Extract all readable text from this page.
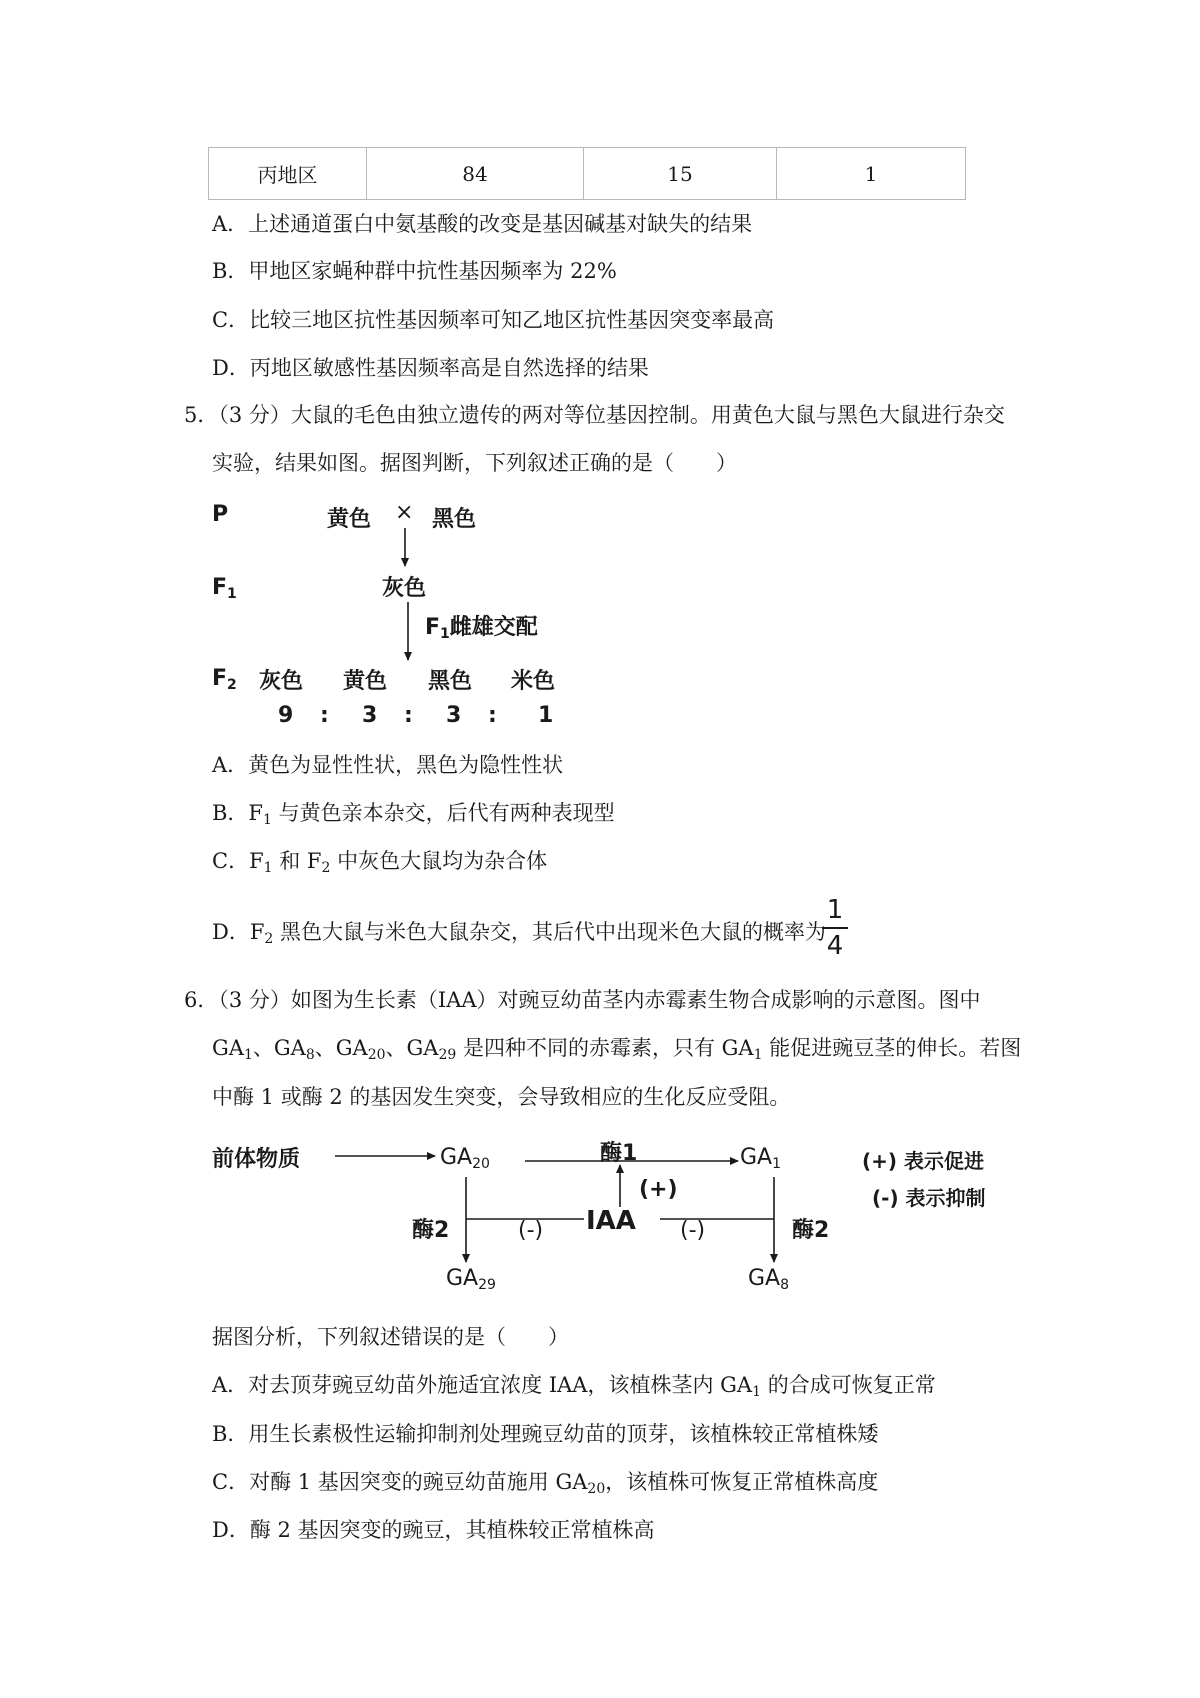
丙地区	84	15	1
A．上述通道蛋白中氨基酸的改变是基因碱基对缺失的结果
B．甲地区家蝇种群中抗性基因频率为 22%
C．比较三地区抗性基因频率可知乙地区抗性基因突变率最高
D．丙地区敏感性基因频率高是自然选择的结果
5．（3 分）大鼠的毛色由独立遗传的两对等位基因控制。用黄色大鼠与黑色大鼠进行杂交
实验，结果如图。据图判断，下列叙述正确的是（　　）
P	黄色 × 黑色
$F_1$	灰色
$F_1$雌雄交配
$F_2$ 灰色 黄色 黑色 米色
9 : 3 : 3 : 1
A．黄色为显性性状，黑色为隐性性状
B．$F_1$ 与黄色亲本杂交，后代有两种表现型
C．$F_1$ 和 $F_2$ 中灰色大鼠均为杂合体
D．$F_2$ 黑色大鼠与米色大鼠杂交，其后代中出现米色大鼠的概率为
1
4
6．（3 分）如图为生长素（IAA）对豌豆幼苗茎内赤霉素生物合成影响的示意图。图中
$GA_1$、$GA_8$、$GA_{20}$、$GA_{29}$ 是四种不同的赤霉素，只有 $GA_1$ 能促进豌豆茎的伸长。若图
中酶 1 或酶 2 的基因发生突变，会导致相应的生化反应受阻。
前体物质	$GA_{20}$	酶1	$GA_1$
(+)
(+) 表示促进
(-) 表示抑制
酶2	(-) IAA (-)	酶2
$GA_{29}$	$GA_8$
据图分析，下列叙述错误的是（　　）
A．对去顶芽豌豆幼苗外施适宜浓度 IAA，该植株茎内 $GA_1$ 的合成可恢复正常
B．用生长素极性运输抑制剂处理豌豆幼苗的顶芽，该植株较正常植株矮
C．对酶 1 基因突变的豌豆幼苗施用 $GA_{20}$，该植株可恢复正常植株高度
D．酶 2 基因突变的豌豆，其植株较正常植株高
